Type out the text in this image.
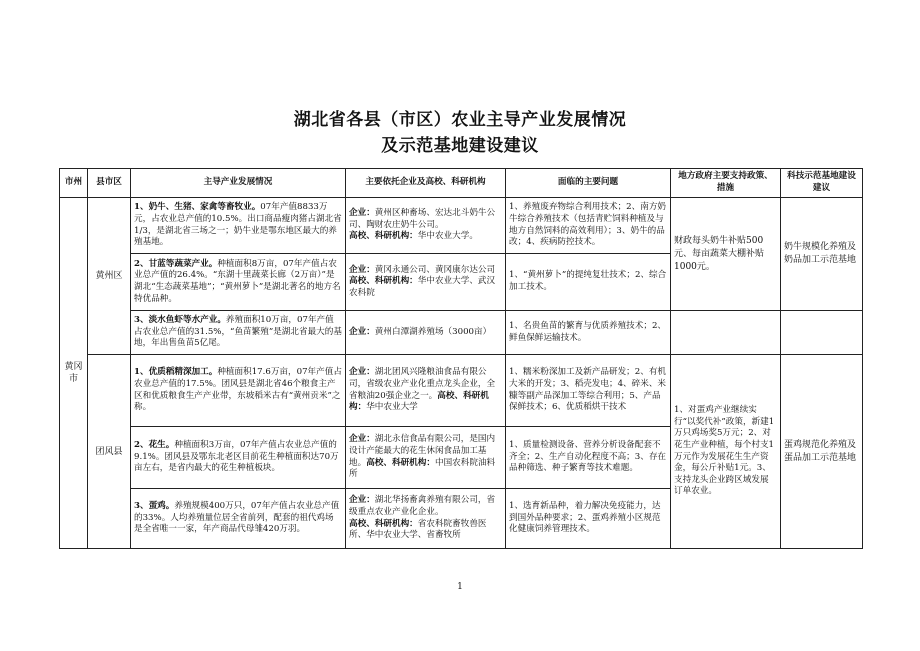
湖北省各县（市区）农业主导产业发展情况
及示范基地建设建议
市州	县市区	主导产业发展情况	主要依托企业及高校、科研机构	面临的主要问题	地方政府主要支持政策、措施	科技示范基地建设建议
黄冈市	黄州区	1、奶牛、生猪、家禽等畜牧业。07年产值8833万元，占农业总产值的10.5%。出口商品瘦肉猪占湖北省1/3，是湖北省三场之一；奶牛业是鄂东地区最大的养殖基地。	企业：黄州区种畜场、宏达北斗奶牛公司、陶财农庄奶牛公司。
高校、科研机构：华中农业大学。	1、养殖废弃物综合利用技术；2、南方奶牛综合养殖技术（包括青贮饲料种植及与地方自然饲料的高效利用）；3、奶牛的品改；4、疾病防控技术。	财政每头奶牛补贴500元、每亩蔬菜大棚补贴1000元。	奶牛规模化养殖及奶品加工示范基地
		2、甘蓝等蔬菜产业。种植面积8万亩，07年产值占农业总产值的26.4%。“东湖十里蔬菜长廊（2万亩）”是湖北“生态蔬菜基地”；“黄州萝卜”是湖北著名的地方名特优品种。	企业：黄冈永通公司、黄冈康尔达公司
高校、科研机构：华中农业大学、武汉农科院	1、“黄州萝卜”的提纯复壮技术；2、综合加工技术。		
		3、淡水鱼虾等水产业。养殖面积10万亩，07年产值占农业总产值的31.5%，“鱼苗繁殖”是湖北省最大的基地，年出售鱼苗5亿尾。	企业：黄州白潭湖养殖场（3000亩）	1、名贵鱼苗的繁育与优质养殖技术；2、鲜鱼保鲜运输技术。		
	团风县	1、优质稻精深加工。种植面积17.6万亩，07年产值占农业总产值的17.5%。团风县是湖北省46个粮食主产区和优质粮食生产产业带，东坡稻米古有“黄州贡米”之称。	企业：湖北团风兴隆粮油食品有限公司，省级农业产业化重点龙头企业，全省粮油20强企业之一。高校、科研机构：华中农业大学	1、糯米粉深加工及新产品研发；2、有机大米的开发；3、稻壳发电；4、碎米、米糠等副产品深加工等综合利用；5、产品保鲜技术；6、优质稻烘干技术	1、对蛋鸡产业继续实行“以奖代补”政策，新建1万只鸡场奖5万元；2、对花生产业种植，每个村支1万元作为发展花生生产资金，每公斤补贴1元。3、支持龙头企业跨区域发展订单农业。	蛋鸡规范化养殖及蛋品加工示范基地
		2、花生。种植面积3万亩，07年产值占农业总产值的9.1%。团风县及鄂东北老区目前花生种植面积达70万亩左右，是省内最大的花生种植板块。	企业：湖北永信食品有限公司，是国内设计产能最大的花生休闲食品加工基地。高校、科研机构：中国农科院油料所	1、质量检测设备、营养分析设备配套不齐全；2、生产自动化程度不高；3、存在品种筛选、种子繁育等技术难题。		
		3、蛋鸡。养殖规模400万只，07年产值占农业总产值的33%。人均养殖量位居全省前列，配套的祖代鸡场是全省唯一一家，年产商品代母雏420万羽。	企业：湖北华扬畜禽养殖有限公司，省级重点农业产业化企业。
高校、科研机构：省农科院畜牧兽医所、华中农业大学、省畜牧所	1、选育新品种，着力解决免疫能力，达到国外品种要求；2、蛋鸡养殖小区规范化健康饲养管理技术。		
1
